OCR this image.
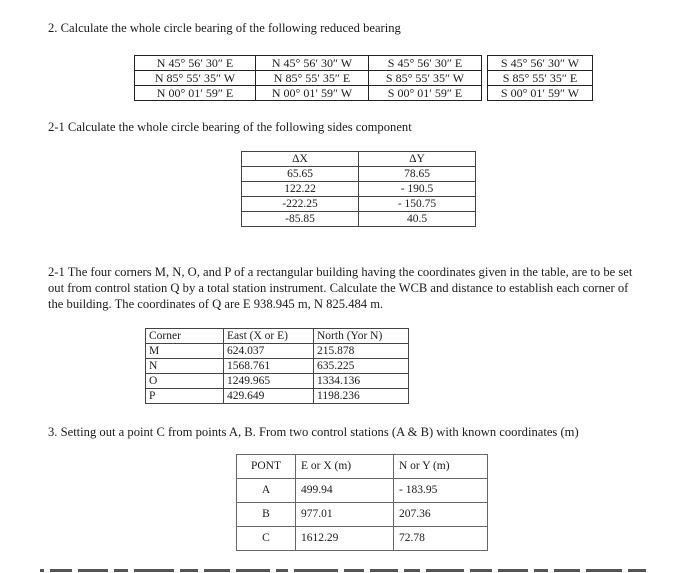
2. Calculate the whole circle bearing of the following reduced bearing
N 45° 56′ 30″ E	N 45° 56′ 30″ W	S 45° 56′ 30″ E		S 45° 56′ 30″ W
N 85° 55′ 35″ W	N 85° 55′ 35″ E	S 85° 55′ 35″ W		S 85° 55′ 35″ E
N 00° 01′ 59″ E	N 00° 01′ 59″ W	S 00° 01′ 59″ E		S 00° 01′ 59″ W
2-1 Calculate the whole circle bearing of the following sides component
ΔX	ΔY
65.65	78.65
122.22	- 190.5
-222.25	- 150.75
-85.85	40.5
2-1 The four corners M, N, O, and P of a rectangular building having the coordinates given in the table, are to be set
out from control station Q by a total station instrument. Calculate the WCB and distance to establish each corner of
the building. The coordinates of Q are E 938.945 m, N 825.484 m.
Corner	East (X or E)	North (Yor N)
M	624.037	215.878
N	1568.761	635.225
O	1249.965	1334.136
P	429.649	1198.236
3. Setting out a point C from points A, B. From two control stations (A & B) with known coordinates (m)
PONT	E or X (m)	N or Y (m)
A	499.94	- 183.95
B	977.01	207.36
C	1612.29	72.78
